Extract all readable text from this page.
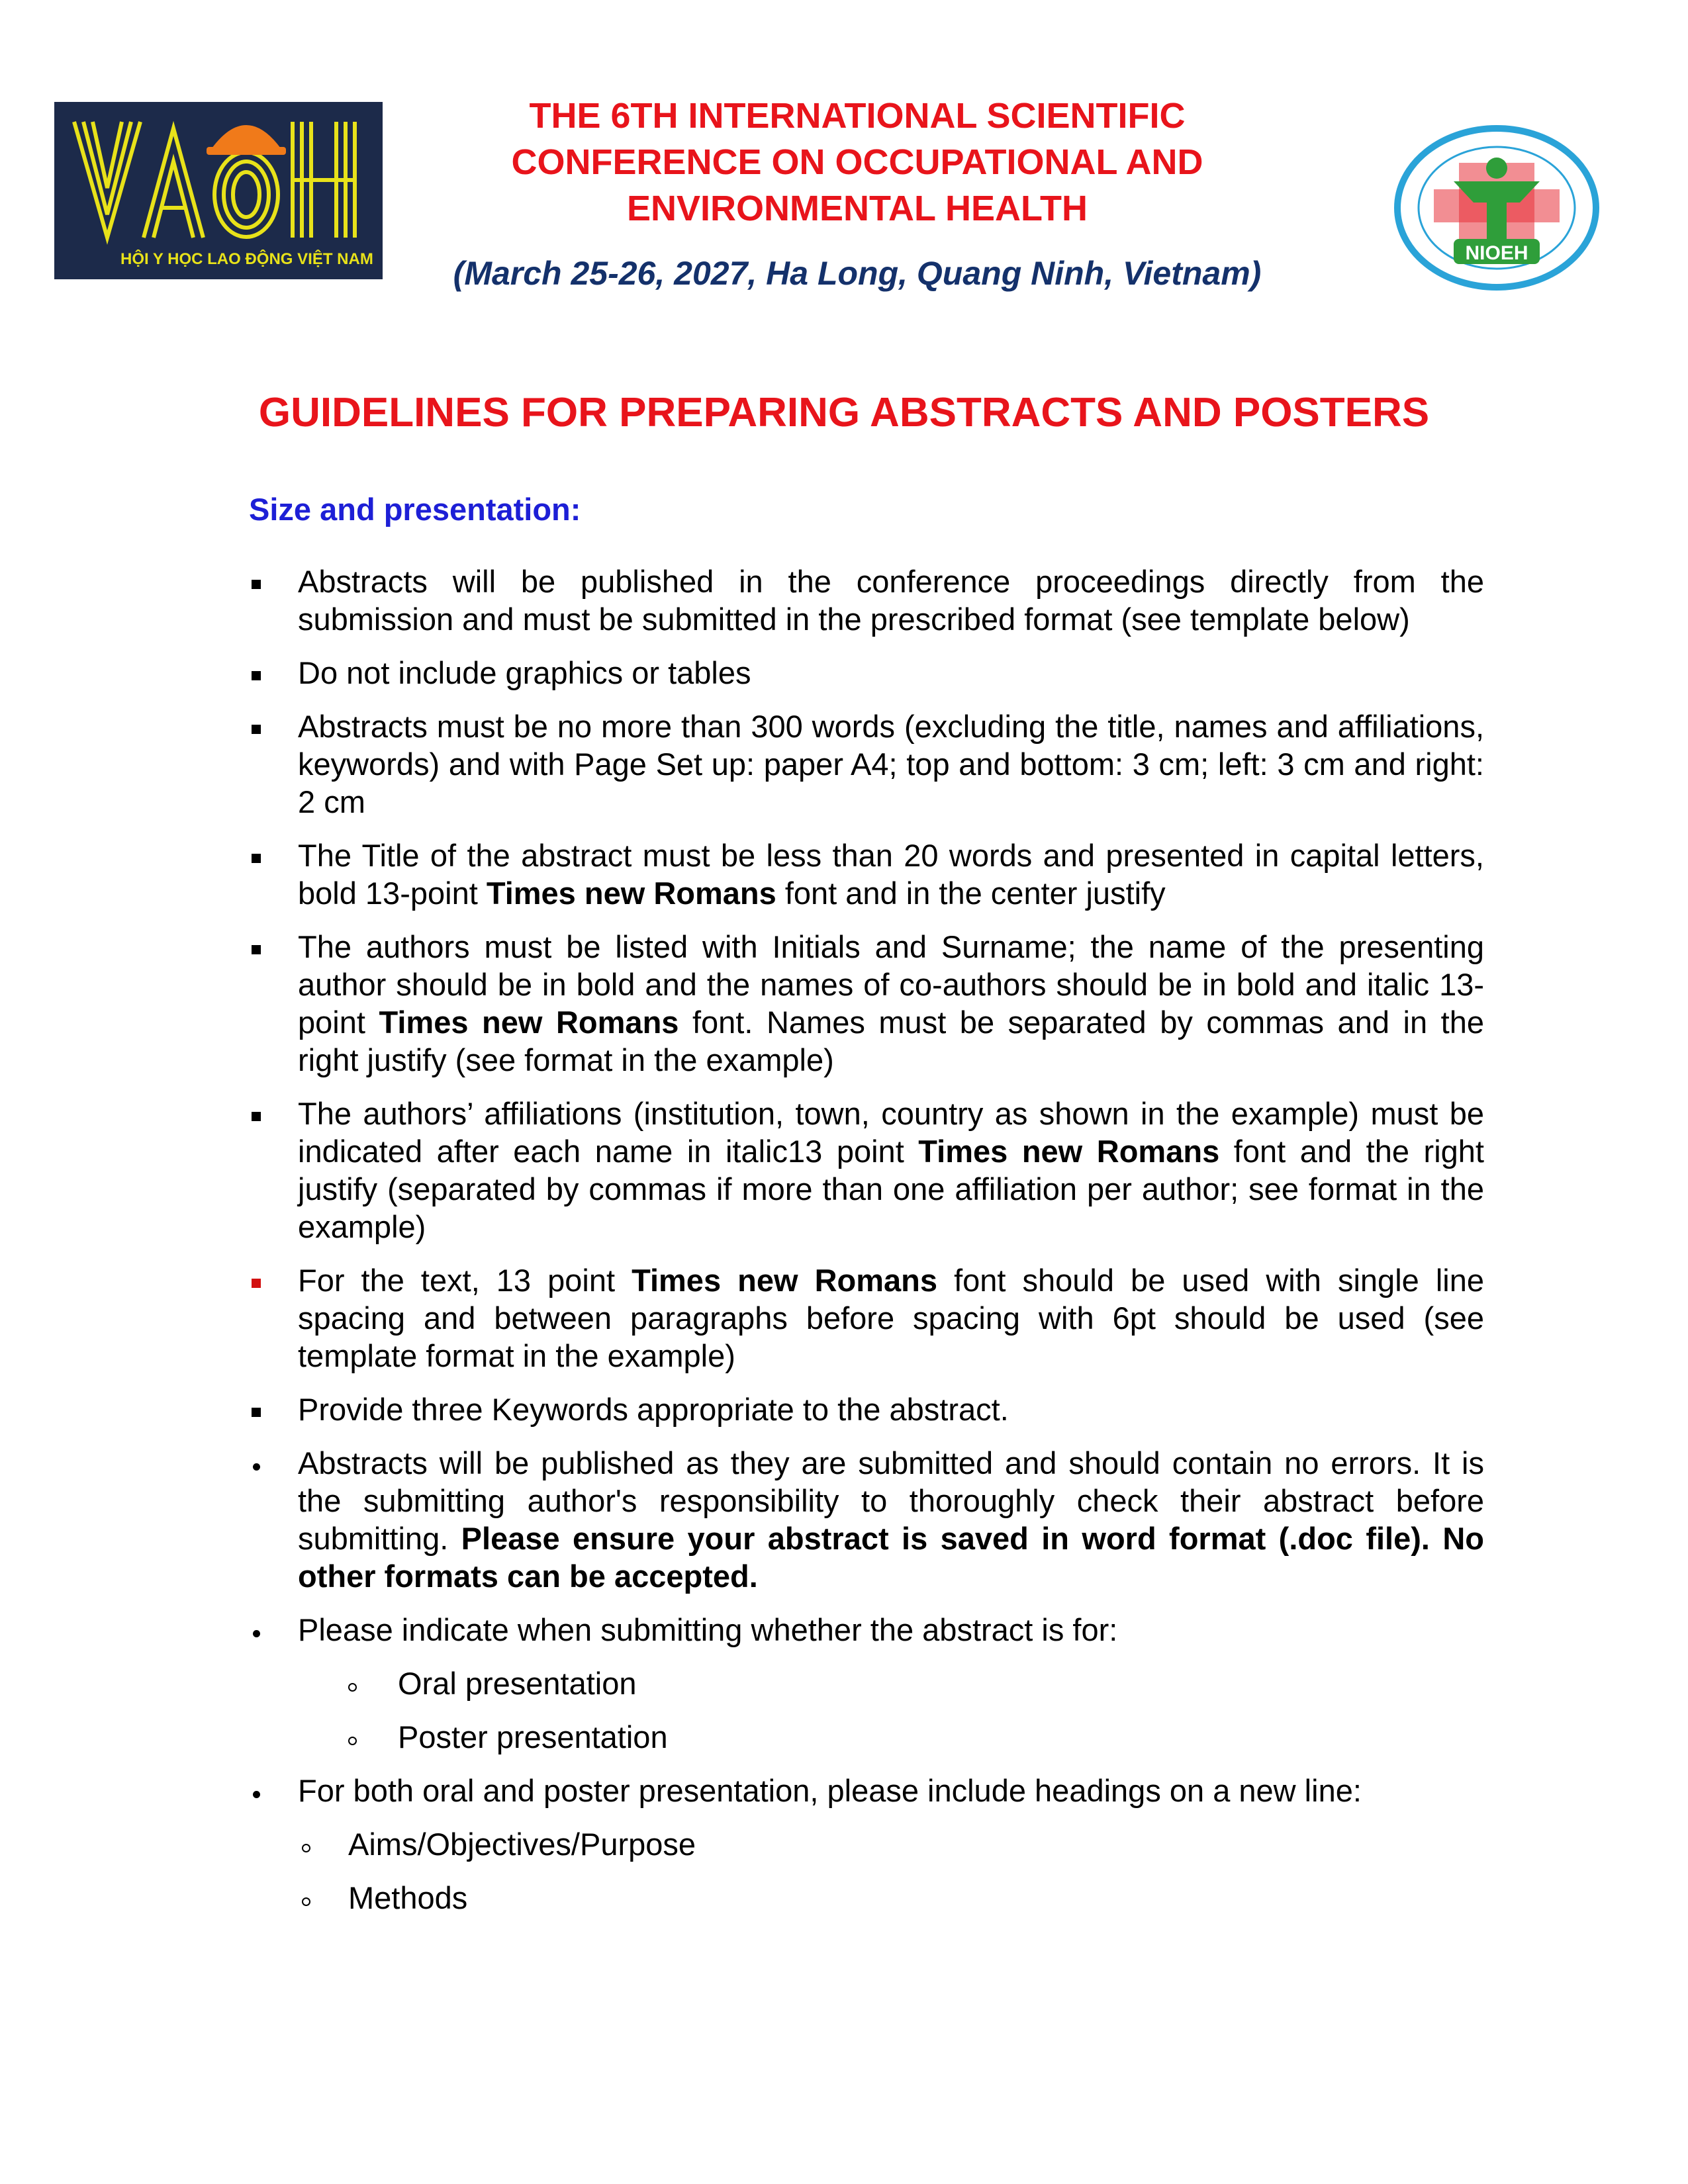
HỘI Y HỌC LAO ĐỘNG VIỆT NAM
THE 6TH INTERNATIONAL SCIENTIFIC
CONFERENCE ON OCCUPATIONAL AND
ENVIRONMENTAL HEALTH
(March 25-26, 2027, Ha Long, Quang Ninh, Vietnam)
NIOEH
GUIDELINES FOR PREPARING ABSTRACTS AND POSTERS
Size and presentation:

Abstracts will be published in the conference proceedings directly from the submission and must be submitted in the prescribed format (see template below)

Do not include graphics or tables

Abstracts must be no more than 300 words (excluding the title, names and affiliations, keywords) and with Page Set up: paper A4; top and bottom: 3 cm; left: 3 cm and right: 2 cm

The Title of the abstract must be less than 20 words and presented in capital letters, bold 13-point Times new Romans font and in the center justify

The authors must be listed with Initials and Surname; the name of the presenting author should be in bold and the names of co-authors should be in bold and italic 13-point Times new Romans font. Names must be separated by commas and in the right justify (see format in the example)

The authors’ affiliations (institution, town, country as shown in the example) must be indicated after each name in italic13 point Times new Romans font and the right justify (separated by commas if more than one affiliation per author; see format in the example)

For the text, 13 point Times new Romans font should be used with single line spacing and between paragraphs before spacing with 6pt should be used (see template format in the example)

Provide three Keywords appropriate to the abstract.

Abstracts will be published as they are submitted and should contain no errors. It is the submitting author's responsibility to thoroughly check their abstract before submitting. Please ensure your abstract is saved in word format (.doc file). No other formats can be accepted.

Please indicate when submitting whether the abstract is for:

Oral presentation
Poster presentation

For both oral and poster presentation, please include headings on a new line:

Aims/Objectives/Purpose
Methods
